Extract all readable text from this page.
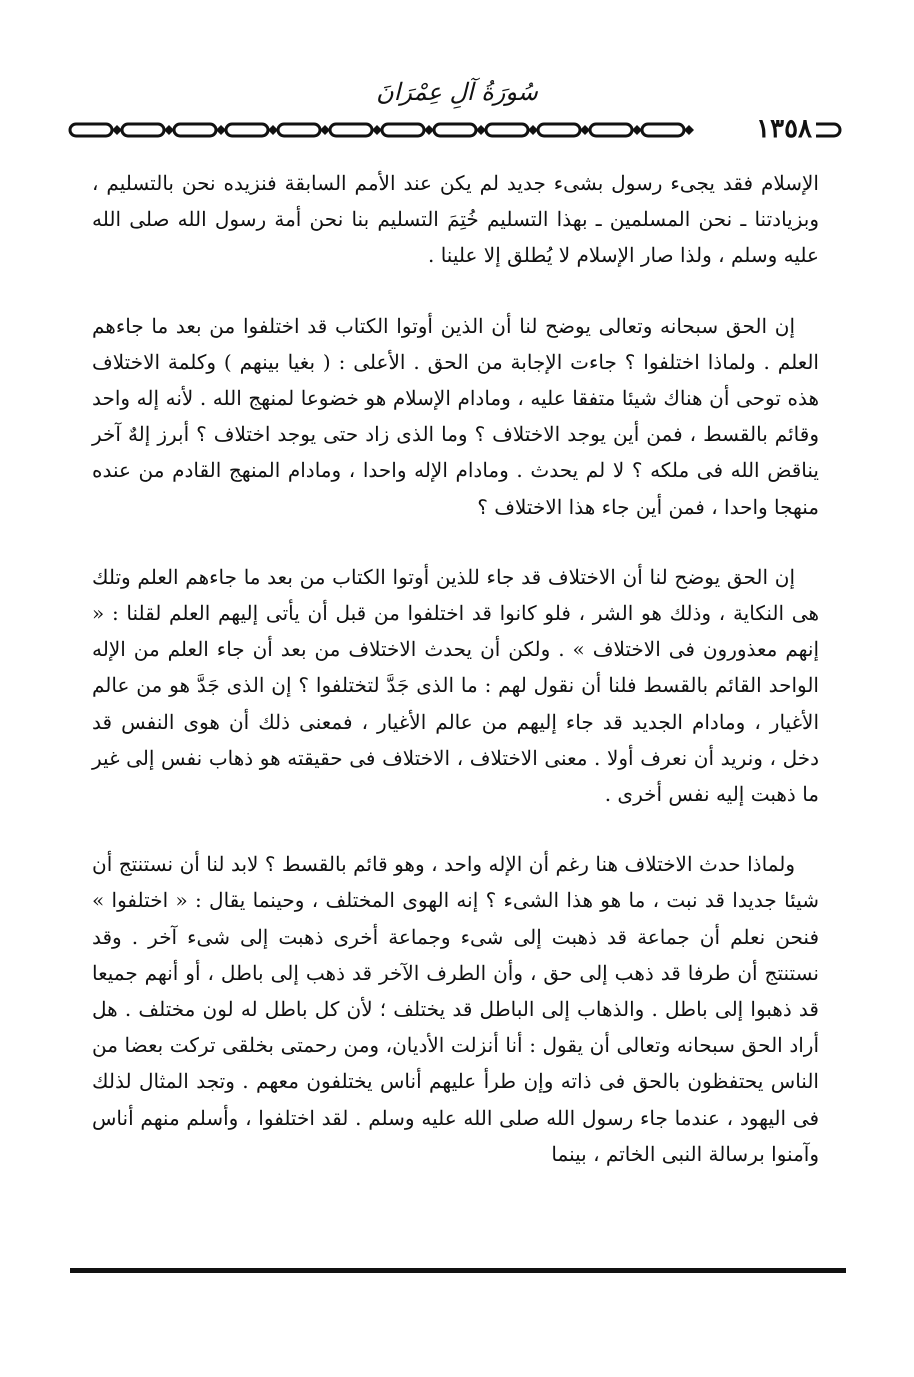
سُورَةُ آلِ عِمْرَانَ
١٣٥٨

الإسلام فقد يجىء رسول بشىء جديد لم يكن عند الأمم السابقة فنزيده نحن بالتسليم ، وبزيادتنا ـ نحن المسلمين ـ بهذا التسليم خُتِمَ التسليم بنا نحن أمة رسول الله صلى الله عليه وسلم ، ولذا صار الإسلام لا يُطلق إلا علينا .

إن الحق سبحانه وتعالى يوضح لنا أن الذين أوتوا الكتاب قد اختلفوا من بعد ما جاءهم العلم . ولماذا اختلفوا ؟ جاءت الإجابة من الحق . الأعلى : ( بغيا بينهم ) وكلمة الاختلاف هذه توحى أن هناك شيئا متفقا عليه ، ومادام الإسلام هو خضوعا لمنهج الله . لأنه إله واحد وقائم بالقسط ، فمن أين يوجد الاختلاف ؟ وما الذى زاد حتى يوجد اختلاف ؟ أبرز إلهٌ آخر يناقض الله فى ملكه ؟ لا لم يحدث . ومادام الإله واحدا ، ومادام المنهج القادم من عنده منهجا واحدا ، فمن أين جاء هذا الاختلاف ؟

إن الحق يوضح لنا أن الاختلاف قد جاء للذين أوتوا الكتاب من بعد ما جاءهم العلم وتلك هى النكاية ، وذلك هو الشر ، فلو كانوا قد اختلفوا من قبل أن يأتى إليهم العلم لقلنا : « إنهم معذورون فى الاختلاف » . ولكن أن يحدث الاختلاف من بعد أن جاء العلم من الإله الواحد القائم بالقسط فلنا أن نقول لهم : ما الذى جَدَّ لتختلفوا ؟ إن الذى جَدَّ هو من عالم الأغيار ، ومادام الجديد قد جاء إليهم من عالم الأغيار ، فمعنى ذلك أن هوى النفس قد دخل ، ونريد أن نعرف أولا . معنى الاختلاف ، الاختلاف فى حقيقته هو ذهاب نفس إلى غير ما ذهبت إليه نفس أخرى .

ولماذا حدث الاختلاف هنا رغم أن الإله واحد ، وهو قائم بالقسط ؟ لابد لنا أن نستنتج أن شيئا جديدا قد نبت ، ما هو هذا الشىء ؟ إنه الهوى المختلف ، وحينما يقال : « اختلفوا » فنحن نعلم أن جماعة قد ذهبت إلى شىء وجماعة أخرى ذهبت إلى شىء آخر . وقد نستنتج أن طرفا قد ذهب إلى حق ، وأن الطرف الآخر قد ذهب إلى باطل ، أو أنهم جميعا قد ذهبوا إلى باطل . والذهاب إلى الباطل قد يختلف ؛ لأن كل باطل له لون مختلف . هل أراد الحق سبحانه وتعالى أن يقول : أنا أنزلت الأديان، ومن رحمتى بخلقى تركت بعضا من الناس يحتفظون بالحق فى ذاته وإن طرأ عليهم أناس يختلفون معهم . وتجد المثال لذلك فى اليهود ، عندما جاء رسول الله صلى الله عليه وسلم . لقد اختلفوا ، وأسلم منهم أناس وآمنوا برسالة النبى الخاتم ، بينما
